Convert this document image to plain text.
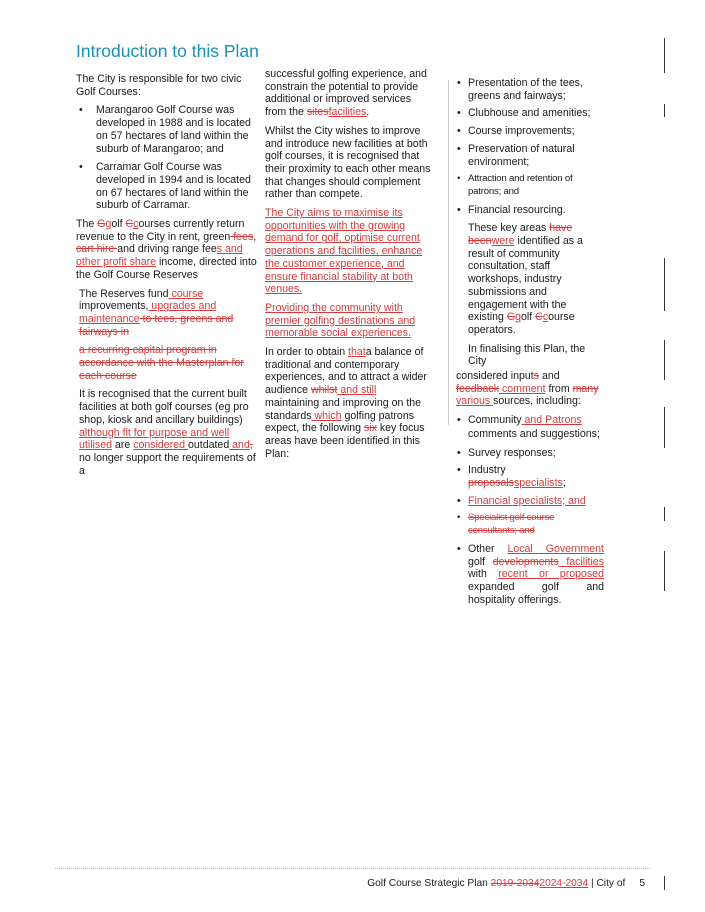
Introduction to this Plan

The City is responsible for two civic Golf Courses:

• Marangaroo Golf Course was developed in 1988 and is located on 57 hectares of land within the suburb of Marangaroo; and
• Carramar Golf Course was developed in 1994 and is located on 67 hectares of land within the suburb of Carramar.

The Ggolf Ccourses currently return revenue to the City in rent, green fees, cart hire and driving range fees and other profit share income, directed into the Golf Course Reserves

The Reserves fund course improvements, upgrades and maintenance to tees, greens and fairways in

a recurring capital program in accordance with the Masterplan for each course

It is recognised that the current built facilities at both golf courses (eg pro shop, kiosk and ancillary buildings) although fit for purpose and well utilised are considered outdated and, no longer support the requirements of a

successful golfing experience, and constrain the potential to provide additional or improved services from the sitesfacilities.

Whilst the City wishes to improve and introduce new facilities at both golf courses, it is recognised that their proximity to each other means that changes should complement rather than compete.

The City aims to maximise its opportunities with the growing demand for golf, optimise current operations and facilities, enhance the customer experience, and ensure financial stability at both venues.

Providing the community with premier golfing destinations and memorable social experiences.

In order to obtain thata balance of traditional and contemporary experiences, and to attract a wider audience whilst and still maintaining and improving on the standards which golfing patrons expect, the following six key focus areas have been identified in this Plan:

• Presentation of the tees, greens and fairways;
• Clubhouse and amenities;
• Course improvements;
• Preservation of natural environment;
• Attraction and retention of patrons; and
• Financial resourcing.

These key areas have beenwere identified as a result of community consultation, staff workshops, industry submissions and engagement with the existing Ggolf Ccourse operators.

In finalising this Plan, the City

considered inputs and feedback comment from many various sources, including:

• Community and Patrons

comments and suggestions;

• Survey responses;
• Industry proposalsspecialists;
• Financial specialists; and
• Specialist golf course consultants; and
• Other Local Government golf developments facilities with recent or proposed expanded golf and hospitality offerings.
Golf Course Strategic Plan 2019-20342024-2034 | City of 5
